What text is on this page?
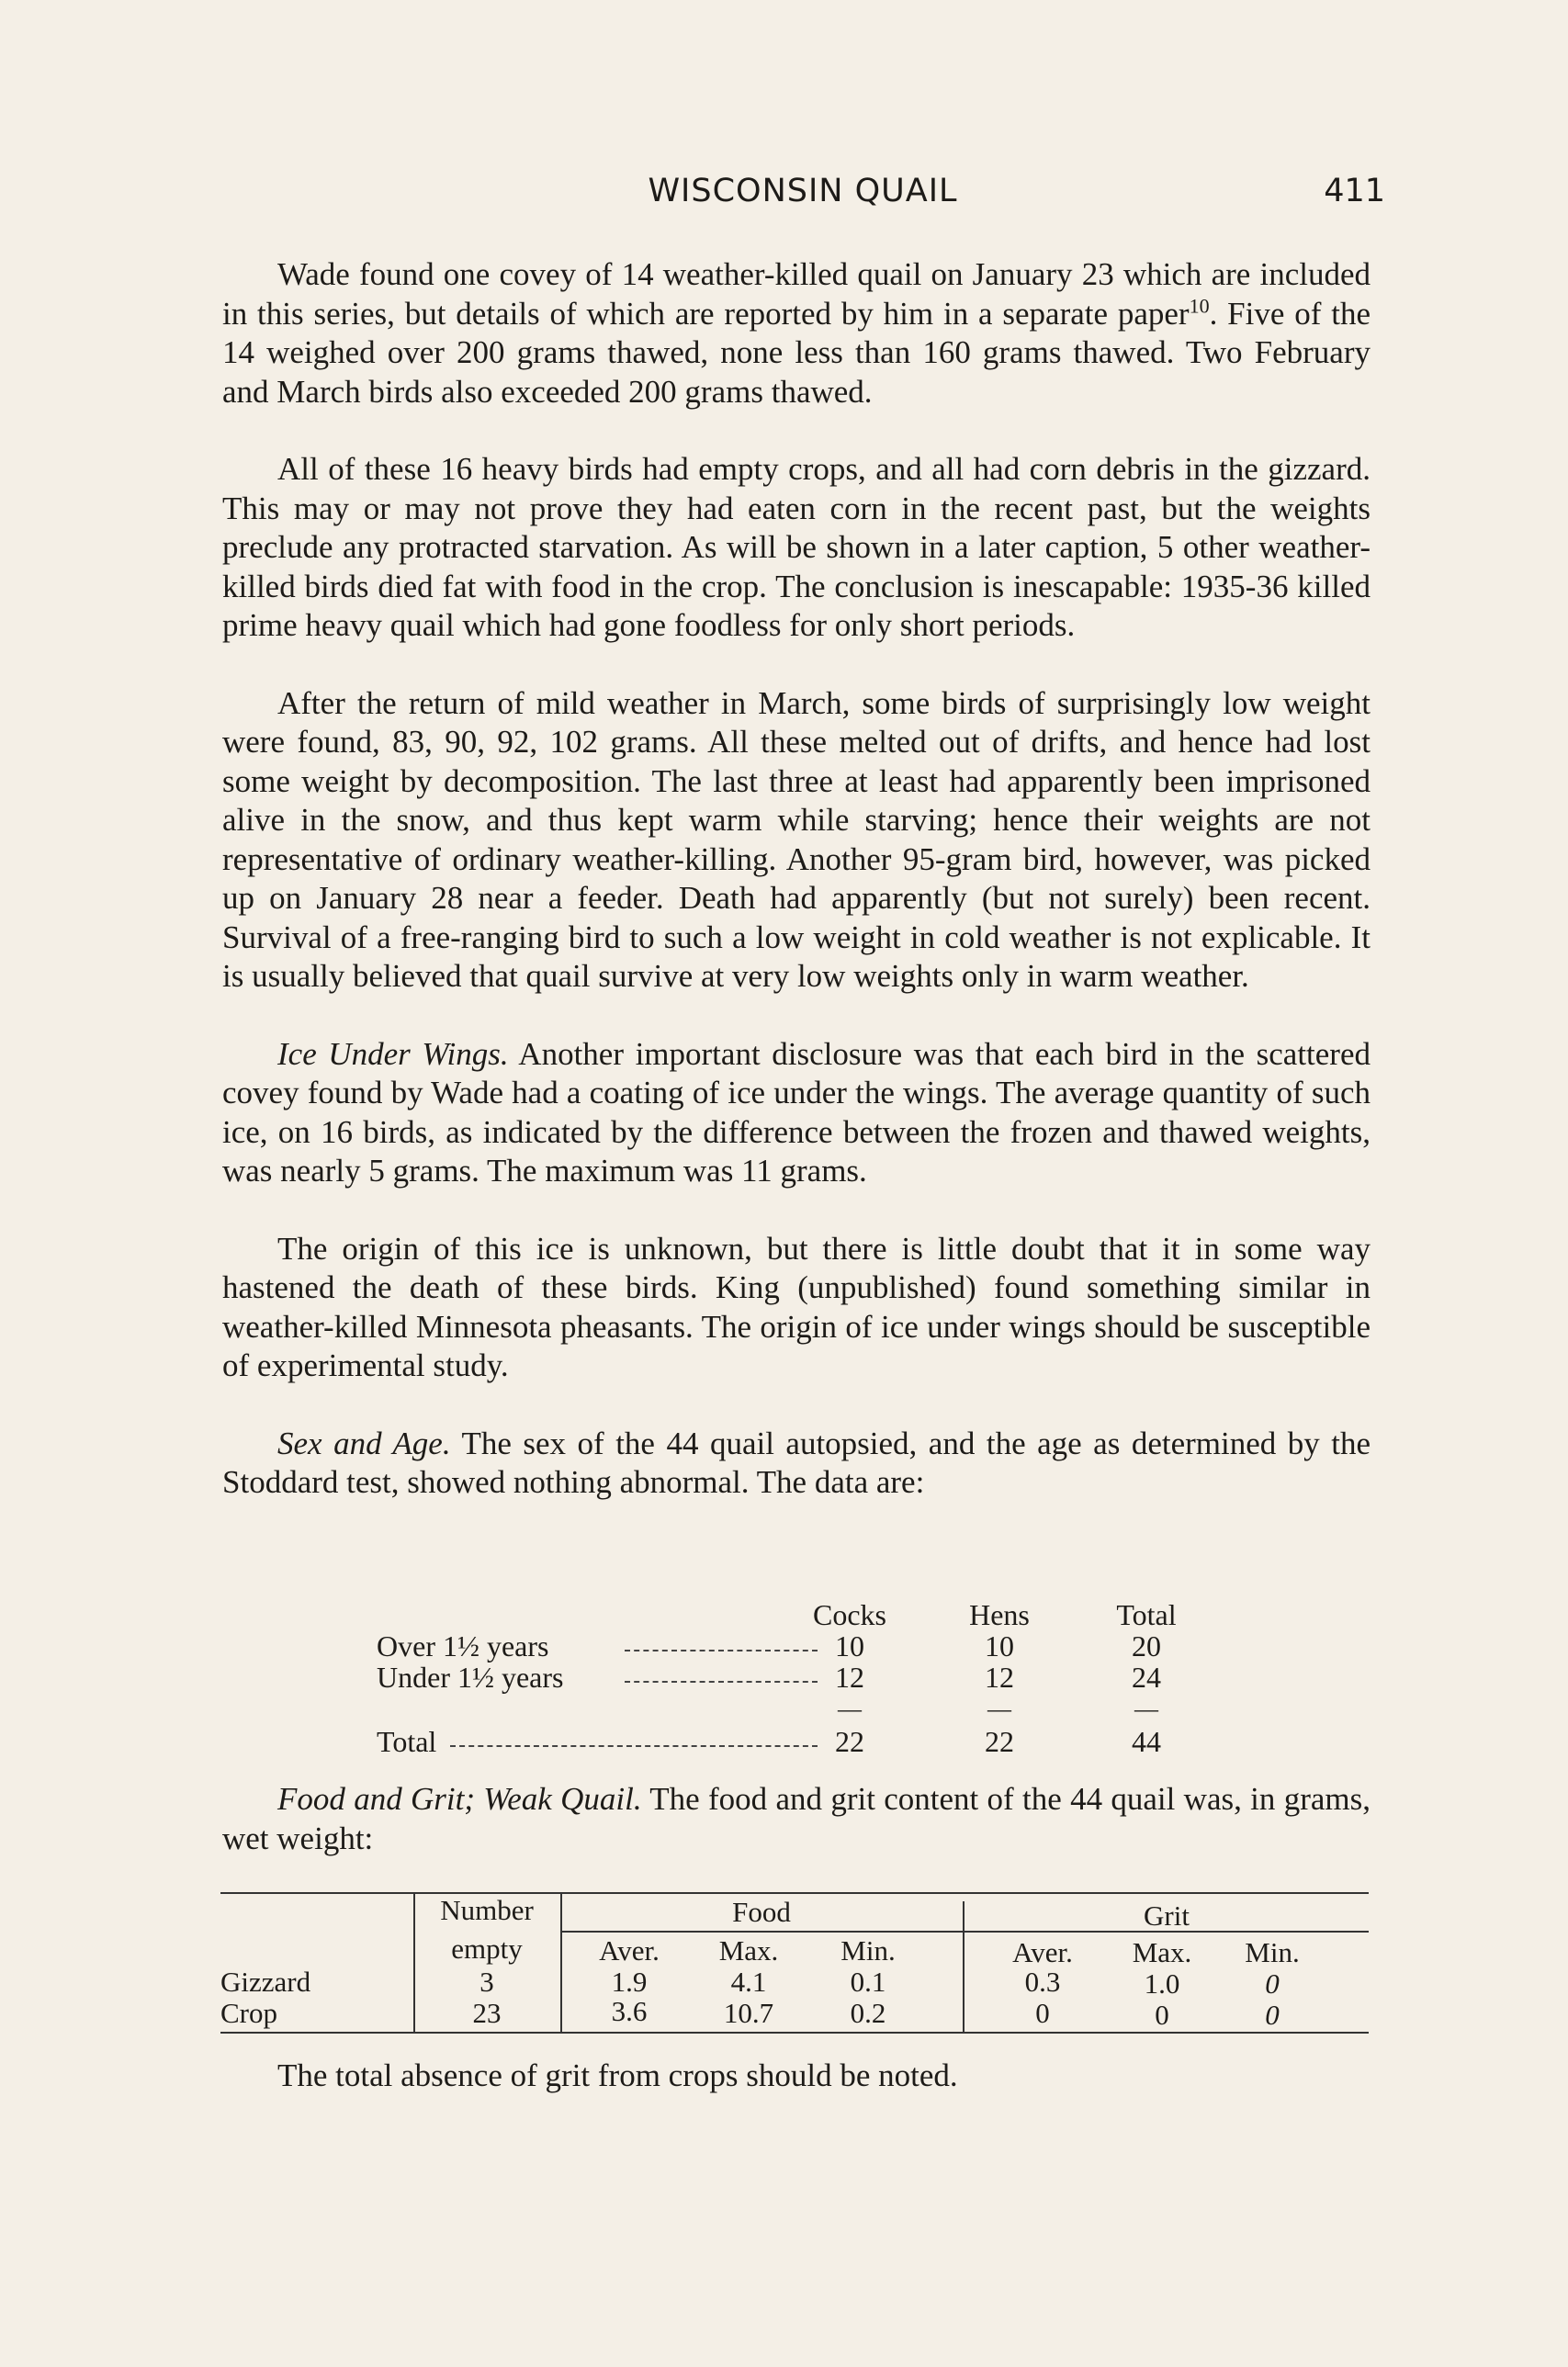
WISCONSIN QUAIL	411

Wade found one covey of 14 weather-killed quail on January 23 which are included in this series, but details of which are reported by him in a separate paper$^{10}$. Five of the 14 weighed over 200 grams thawed, none less than 160 grams thawed. Two February and March birds also exceeded 200 grams thawed.

All of these 16 heavy birds had empty crops, and all had corn debris in the gizzard. This may or may not prove they had eaten corn in the recent past, but the weights preclude any protracted starvation. As will be shown in a later caption, 5 other weather-killed birds died fat with food in the crop. The conclusion is inescapable: 1935-36 killed prime heavy quail which had gone foodless for only short periods.

After the return of mild weather in March, some birds of surprisingly low weight were found, 83, 90, 92, 102 grams. All these melted out of drifts, and hence had lost some weight by decomposition. The last three at least had apparently been imprisoned alive in the snow, and thus kept warm while starving; hence their weights are not representative of ordinary weather-killing. Another 95-gram bird, however, was picked up on January 28 near a feeder. Death had apparently (but not surely) been recent. Survival of a free-ranging bird to such a low weight in cold weather is not explicable. It is usually believed that quail survive at very low weights only in warm weather.

Ice Under Wings. Another important disclosure was that each bird in the scattered covey found by Wade had a coating of ice under the wings. The average quantity of such ice, on 16 birds, as indicated by the difference between the frozen and thawed weights, was nearly 5 grams. The maximum was 11 grams.

The origin of this ice is unknown, but there is little doubt that it in some way hastened the death of these birds. King (unpublished) found something similar in weather-killed Minnesota pheasants. The origin of ice under wings should be susceptible of experimental study.

Sex and Age. The sex of the 44 quail autopsied, and the age as determined by the Stoddard test, showed nothing abnormal. The data are:

Cocks	Hens	Total
Over 1½ years	10	10	20
Under 1½ years	12	12	24
—	—	—
Total	22	22	44

Food and Grit; Weak Quail. The food and grit content of the 44 quail was, in grams, wet weight:

Number
empty
Food	Grit
Aver.	Max.	Min.	Aver.	Max.	Min.
Gizzard	3	1.9	4.1	0.1	0.3	1.0	0
Crop	23	3.6	10.7	0.2	0	0	0
The total absence of grit from crops should be noted.
